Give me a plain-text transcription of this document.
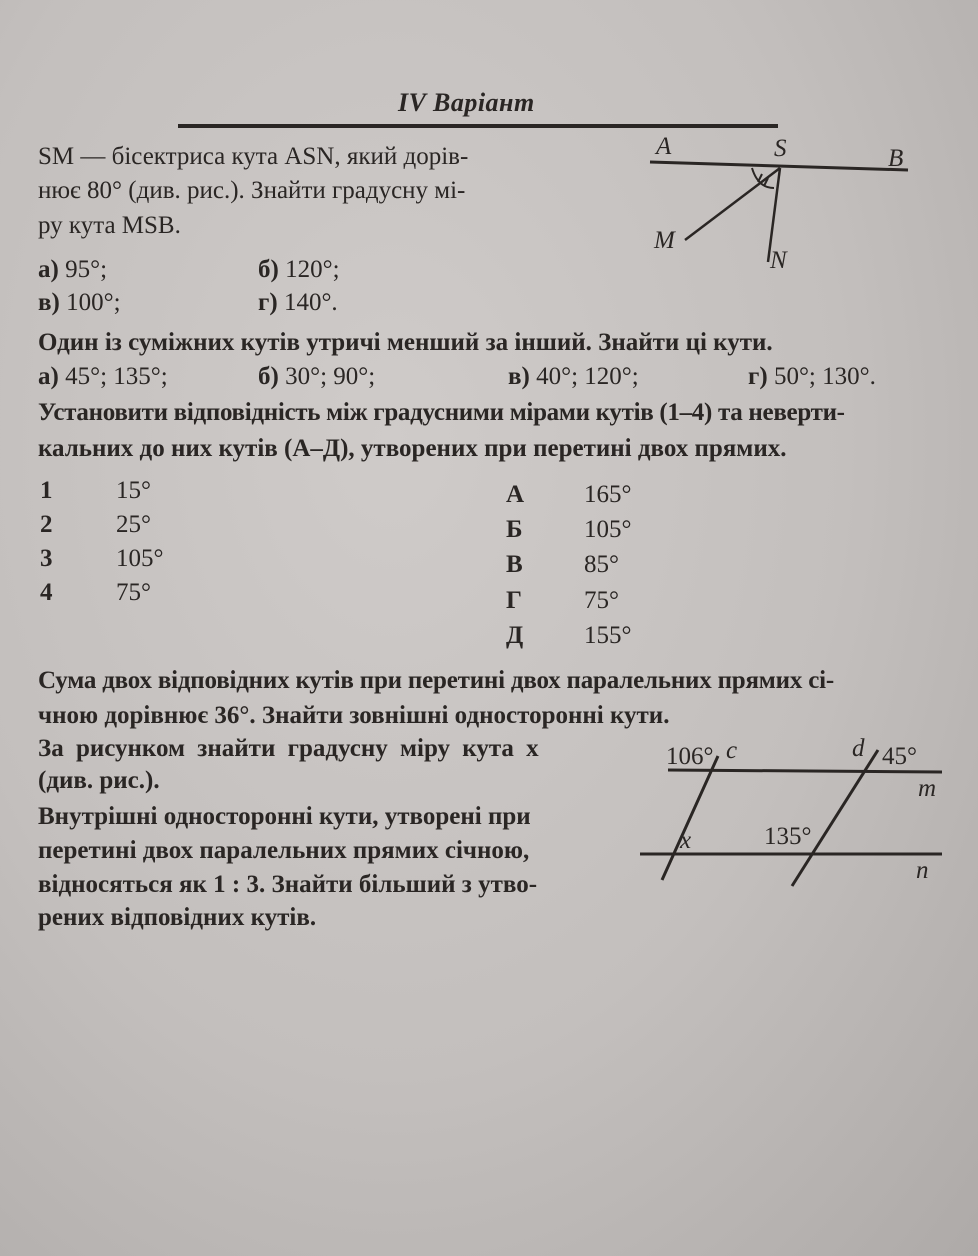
IV Варіант
SM — бісектриса кута ASN, який дорів-
нює 80° (див. рис.). Знайти градусну мі-
ру кута MSB.
а) 95°;	б) 120°;
в) 100°;	г) 140°.
A	S	B
M
N
Один із суміжних кутів утричі менший за інший. Знайти ці кути.
а) 45°; 135°;	б) 30°; 90°;	в) 40°; 120°;	г) 50°; 130°.
Установити відповідність між градусними мірами кутів (1–4) та неверти-
кальних до них кутів (А–Д), утворених при перетині двох прямих.
1	15°
2	25°
3	105°
4	75°
А 165°
Б 105°
В 85°
Г 75°
Д 155°
Сума двох відповідних кутів при перетині двох паралельних прямих сі-
чною дорівнює 36°. Знайти зовнішні односторонні кути.
За рисунком знайти градусну міру кута x
(див. рис.).
106° c	d 45°
m
x	135°
n
Внутрішні односторонні кути, утворені при
перетині двох паралельних прямих січною,
відносяться як 1 : 3. Знайти більший з утво-
рених відповідних кутів.
